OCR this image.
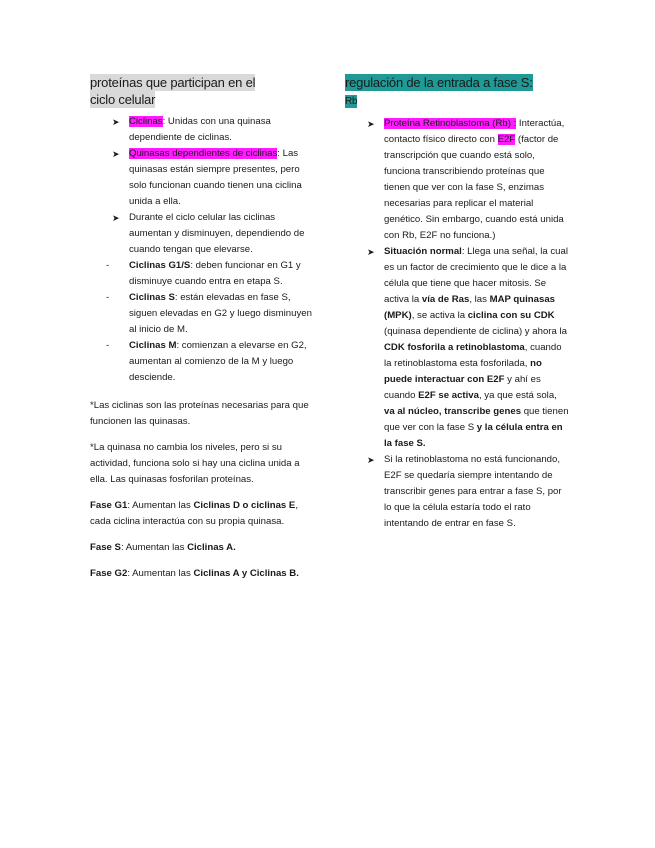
proteínas que participan en el
ciclo celular
➤ Ciclinas: Unidas con una quinasa dependiente de ciclinas.
➤ Quinasas dependientes de ciclinas: Las quinasas están siempre presentes, pero solo funcionan cuando tienen una ciclina unida a ella.
➤ Durante el ciclo celular las ciclinas aumentan y disminuyen, dependiendo de cuando tengan que elevarse.
- Ciclinas G1/S: deben funcionar en G1 y disminuye cuando entra en etapa S.
- Ciclinas S: están elevadas en fase S, siguen elevadas en G2 y luego disminuyen al inicio de M.
- Ciclinas M: comienzan a elevarse en G2, aumentan al comienzo de la M y luego desciende.

*Las ciclinas son las proteínas necesarias para que funcionen las quinasas.

*La quinasa no cambia los niveles, pero si su actividad, funciona solo si hay una ciclina unida a ella. Las quinasas fosforilan proteínas.

Fase G1: Aumentan las Ciclinas D o ciclinas E, cada ciclina interactúa con su propia quinasa.

Fase S: Aumentan las Ciclinas A.

Fase G2: Aumentan las Ciclinas A y Ciclinas B.

regulación de la entrada a fase S:
Rb
➤ Proteína Retinoblastoma (Rb) : Interactúa, contacto físico directo con E2F (factor de transcripción que cuando está solo, funciona transcribiendo proteínas que tienen que ver con la fase S, enzimas necesarias para replicar el material genético. Sin embargo, cuando está unida con Rb, E2F no funciona.)
➤ Situación normal: Llega una señal, la cual es un factor de crecimiento que le dice a la célula que tiene que hacer mitosis. Se activa la vía de Ras, las MAP quinasas (MPK), se activa la ciclina con su CDK (quinasa dependiente de ciclina) y ahora la CDK fosforila a retinoblastoma, cuando la retinoblastoma esta fosforilada, no puede interactuar con E2F y ahí es cuando E2F se activa, ya que está sola, va al núcleo, transcribe genes que tienen que ver con la fase S y la célula entra en la fase S.
➤ Si la retinoblastoma no está funcionando, E2F se quedaría siempre intentando de transcribir genes para entrar a fase S, por lo que la célula estaría todo el rato intentando de entrar en fase S.
